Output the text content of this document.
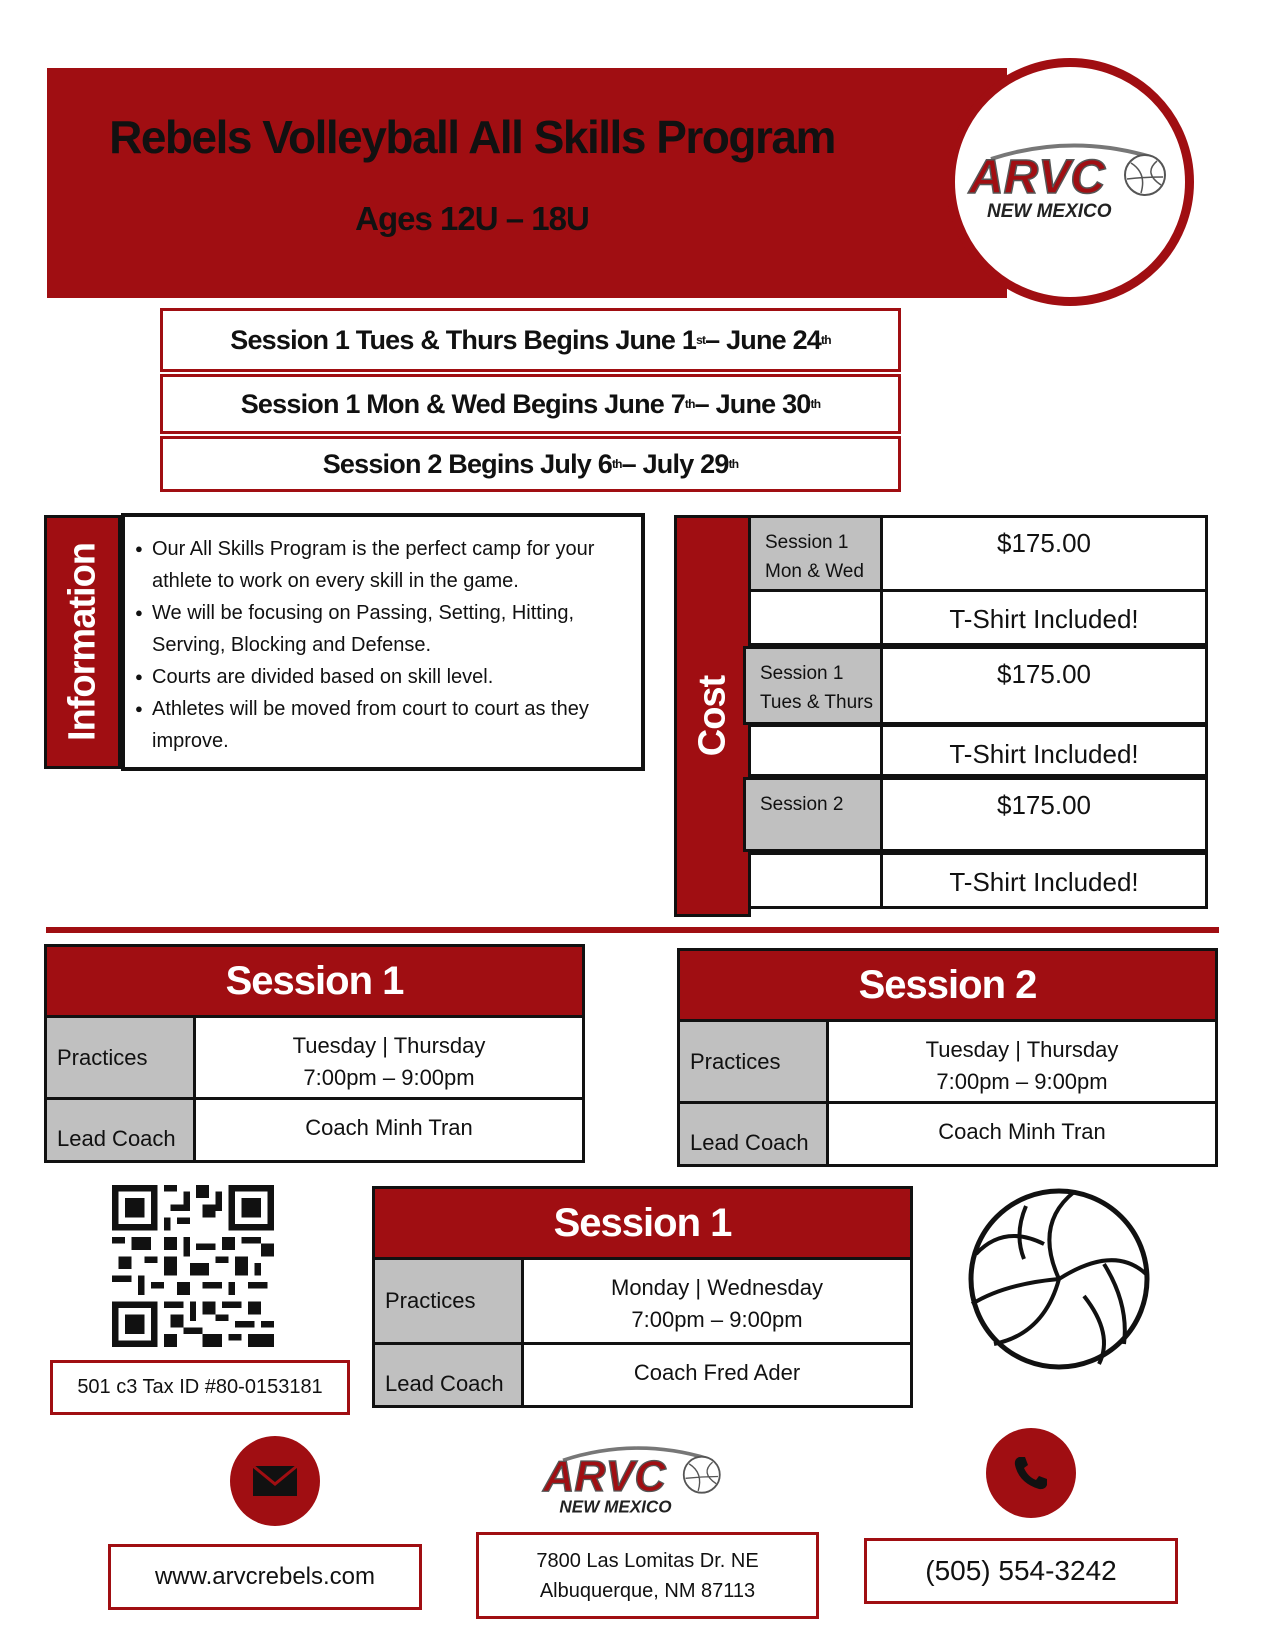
Rebels Volleyball All Skills Program
Ages 12U – 18U
ARVC
NEW MEXICO
Session 1 Tues & Thurs Begins June 1 st – June 24 th
Session 1 Mon & Wed Begins June 7 th – June 30 th
Session 2 Begins July 6 th – July 29 th
Information
●	Our All Skills Program is the perfect camp for your athlete to work on every skill in the game.
● We will be focusing on Passing, Setting, Hitting, Serving, Blocking and Defense.
● Courts are divided based on skill level.
● Athletes will be moved from court to court as they improve.	Cost
Session 1
Mon & Wed
$175.00
T-Shirt Included!
Session 1
Tues & Thurs
$175.00
T-Shirt Included!
Session 2	$175.00
T-Shirt Included!
Session 1
Practices	Tuesday | Thursday
7:00pm – 9:00pm
Lead Coach	Coach Minh Tran
Session 2
Practices	Tuesday | Thursday
7:00pm – 9:00pm
Lead Coach	Coach Minh Tran
Session 1
Practices
Monday | Wednesday
7:00pm – 9:00pm
Lead Coach	Coach Fred Ader
501 c3 Tax ID #80-0153181
www.arvcrebels.com
ARVC
NEW MEXICO
7800 Las Lomitas Dr. NE
Albuquerque, NM 87113
(505) 554-3242
